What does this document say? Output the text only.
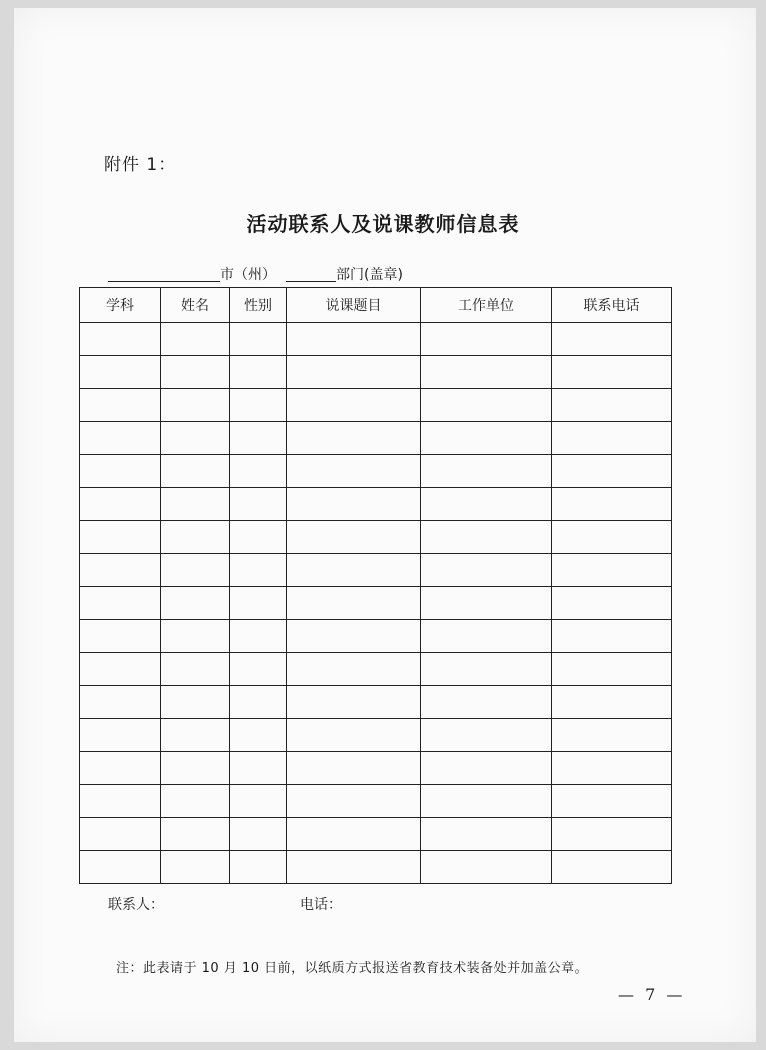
附件 1：
活动联系人及说课教师信息表
市（州）	部门(盖章)
学科	姓名	性别	说课题目	工作单位	联系电话

联系人：	电话：
注：此表请于 10 月 10 日前，以纸质方式报送省教育技术装备处并加盖公章。
— 7 —
